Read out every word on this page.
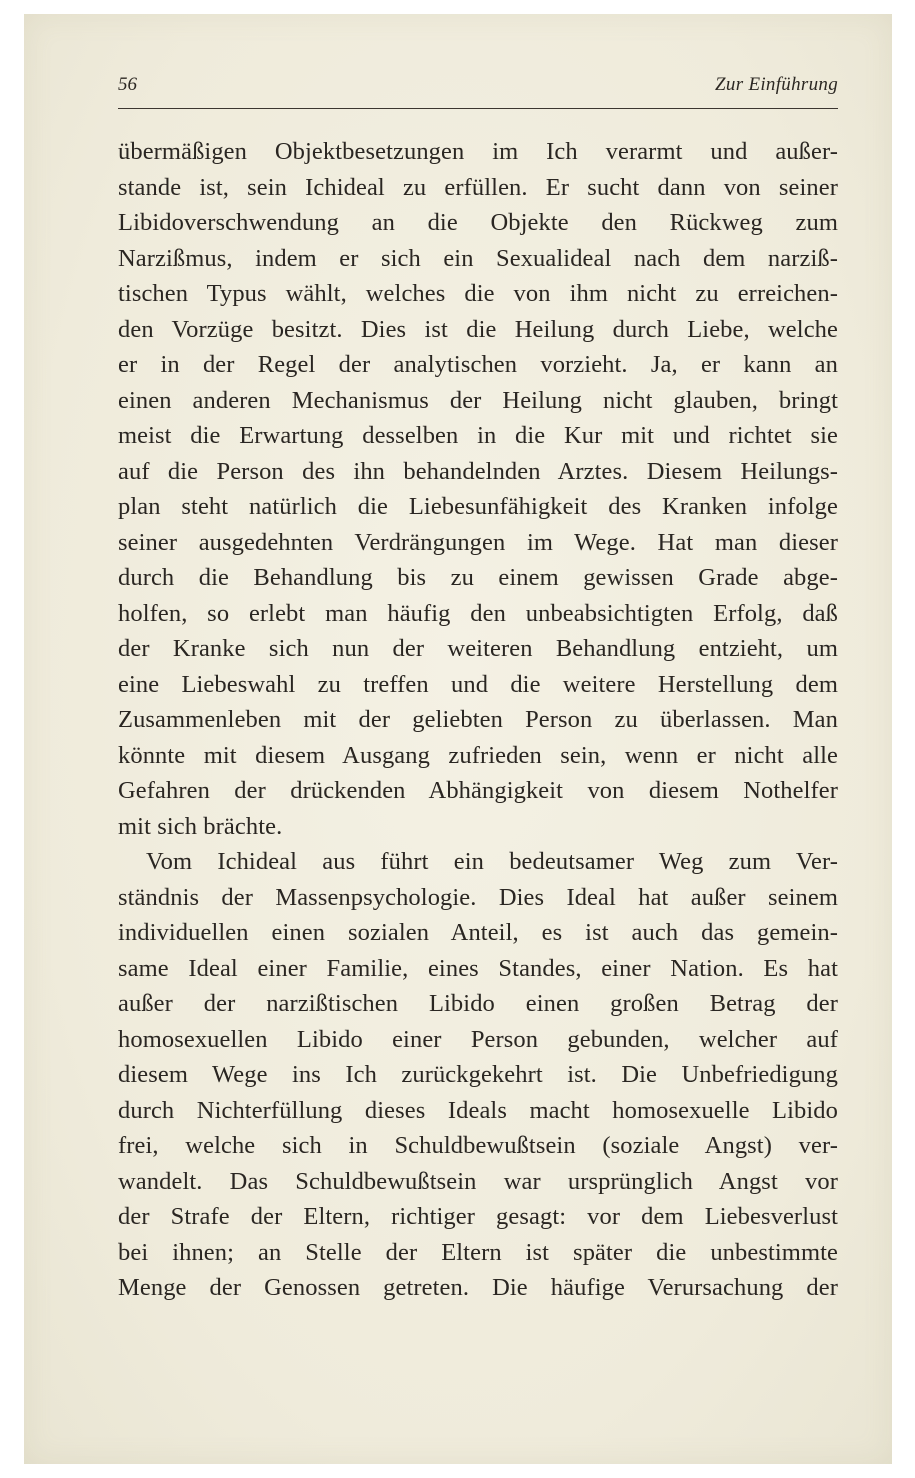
56	Zur Einführung
übermäßigen Objektbesetzungen im Ich verarmt und außer-
stande ist, sein Ichideal zu erfüllen. Er sucht dann von seiner
Libidoverschwendung an die Objekte den Rückweg zum
Narzißmus, indem er sich ein Sexualideal nach dem narziß-
tischen Typus wählt, welches die von ihm nicht zu erreichen-
den Vorzüge besitzt. Dies ist die Heilung durch Liebe, welche
er in der Regel der analytischen vorzieht. Ja, er kann an
einen anderen Mechanismus der Heilung nicht glauben, bringt
meist die Erwartung desselben in die Kur mit und richtet sie
auf die Person des ihn behandelnden Arztes. Diesem Heilungs-
plan steht natürlich die Liebesunfähigkeit des Kranken infolge
seiner ausgedehnten Verdrängungen im Wege. Hat man dieser
durch die Behandlung bis zu einem gewissen Grade abge-
holfen, so erlebt man häufig den unbeabsichtigten Erfolg, daß
der Kranke sich nun der weiteren Behandlung entzieht, um
eine Liebeswahl zu treffen und die weitere Herstellung dem
Zusammenleben mit der geliebten Person zu überlassen. Man
könnte mit diesem Ausgang zufrieden sein, wenn er nicht alle
Gefahren der drückenden Abhängigkeit von diesem Nothelfer
mit sich brächte.
Vom Ichideal aus führt ein bedeutsamer Weg zum Ver-
ständnis der Massenpsychologie. Dies Ideal hat außer seinem
individuellen einen sozialen Anteil, es ist auch das gemein-
same Ideal einer Familie, eines Standes, einer Nation. Es hat
außer der narzißtischen Libido einen großen Betrag der
homosexuellen Libido einer Person gebunden, welcher auf
diesem Wege ins Ich zurückgekehrt ist. Die Unbefriedigung
durch Nichterfüllung dieses Ideals macht homosexuelle Libido
frei, welche sich in Schuldbewußtsein (soziale Angst) ver-
wandelt. Das Schuldbewußtsein war ursprünglich Angst vor
der Strafe der Eltern, richtiger gesagt: vor dem Liebesverlust
bei ihnen; an Stelle der Eltern ist später die unbestimmte
Menge der Genossen getreten. Die häufige Verursachung der
